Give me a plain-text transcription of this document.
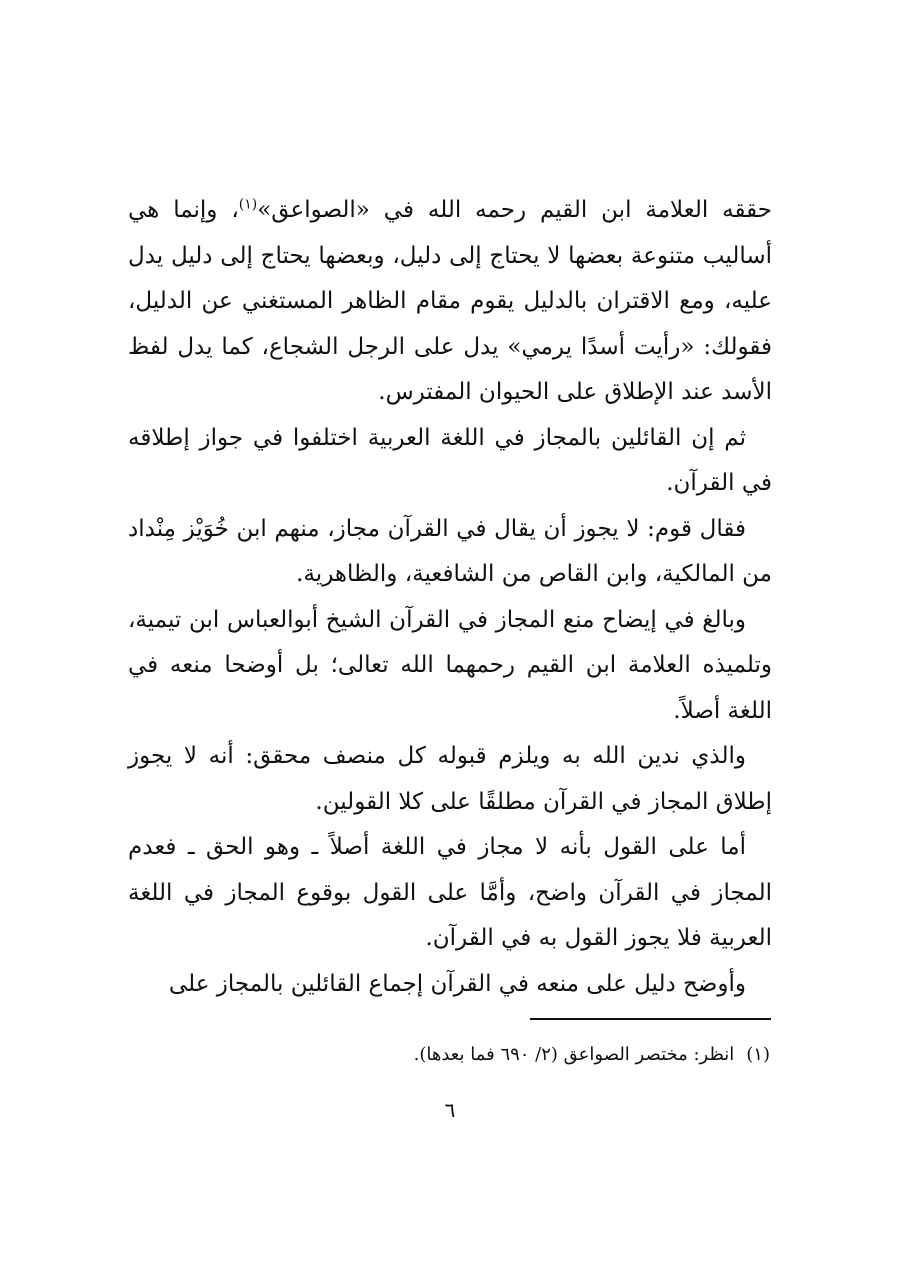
حققه العلامة ابن القيم رحمه الله في «الصواعق»$^{(١)}$، وإنما هي أساليب متنوعة بعضها لا يحتاج إلى دليل، وبعضها يحتاج إلى دليل يدل عليه، ومع الاقتران بالدليل يقوم مقام الظاهر المستغني عن الدليل، فقولك: «رأيت أسدًا يرمي» يدل على الرجل الشجاع، كما يدل لفظ الأسد عند الإطلاق على الحيوان المفترس.

ثم إن القائلين بالمجاز في اللغة العربية اختلفوا في جواز إطلاقه في القرآن.

فقال قوم: لا يجوز أن يقال في القرآن مجاز، منهم ابن خُوَيْز مِنْداد من المالكية، وابن القاص من الشافعية، والظاهرية.

وبالغ في إيضاح منع المجاز في القرآن الشيخ أبوالعباس ابن تيمية، وتلميذه العلامة ابن القيم رحمهما الله تعالى؛ بل أوضحا منعه في اللغة أصلاً.

والذي ندين الله به ويلزم قبوله كل منصف محقق: أنه لا يجوز إطلاق المجاز في القرآن مطلقًا على كلا القولين.

أما على القول بأنه لا مجاز في اللغة أصلاً ـ وهو الحق ـ فعدم المجاز في القرآن واضح، وأمَّا على القول بوقوع المجاز في اللغة العربية فلا يجوز القول به في القرآن.

وأوضح دليل على منعه في القرآن إجماع القائلين بالمجاز على

(١)انظر: مختصر الصواعق (٢/ ٦٩٠ فما بعدها).
٦
